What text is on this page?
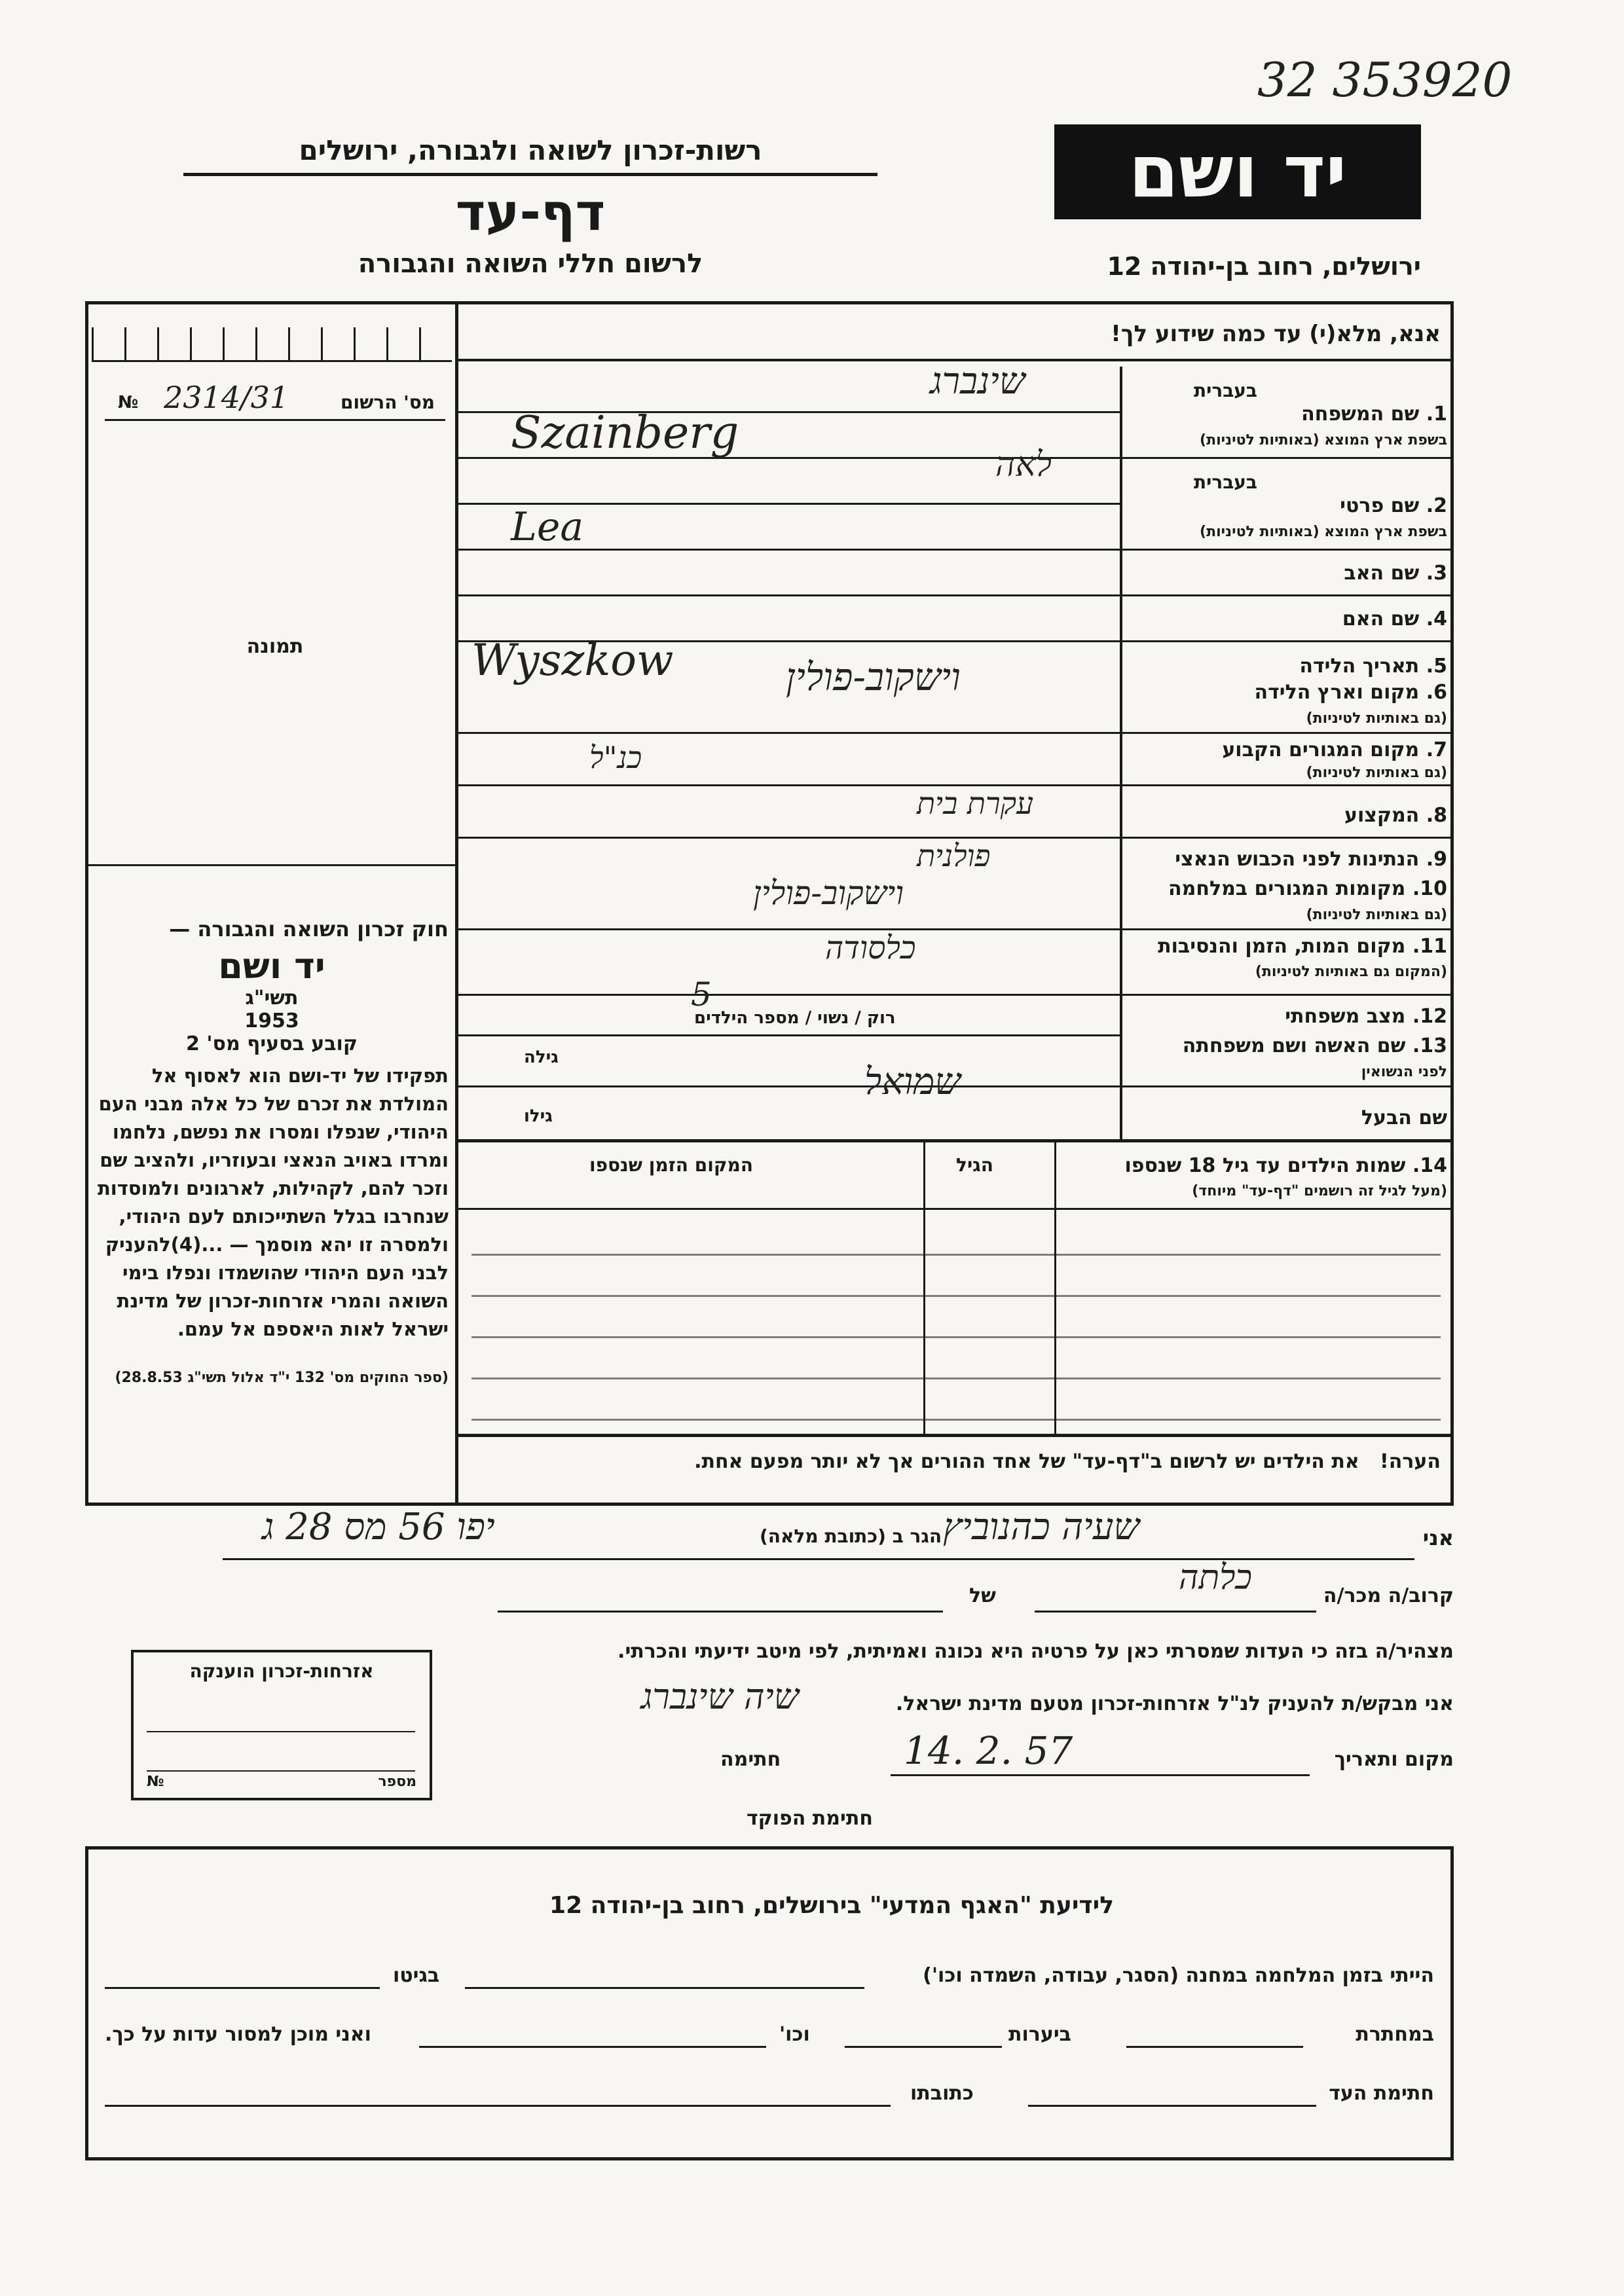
32 353920
רשות-זכרון לשואה ולגבורה, ירושלים	יד ושם
דף-עד
לרשום חללי השואה והגבורה	ירושלים, רחוב בן-יהודה 12
אנא, מלא(י) עד כמה שידוע לך!
№ 2314/31	מס' הרשום
תמונה
חוק זכרון השואה והגבורה —
יד ושם
תשי"ג
1953
קובע בסעיף מס' 2
תפקידו של יד-ושם הוא לאסוף אל המולדת את זכרם של כל אלה מבני העם היהודי, שנפלו ומסרו את נפשם, נלחמו ומרדו באויב הנאצי ובעוזריו, ולהציב שם וזכר להם, לקהילות, לארגונים ולמוסדות שנחרבו בגלל השתייכותם לעם היהודי, ולמסרה זו יהא מוסמך — ...(4)להעניק לבני העם היהודי שהושמדו ונפלו בימי השואה והמרי אזרחות-זכרון של מדינת ישראל לאות היאספם אל עמם.
(ספר החוקים מס' 132 י"ד אלול תשי"ג 28.8.53)
בעברית
1. שם המשפחה
בשפת ארץ המוצא (באותיות לטיניות)
שינברג
Szainberg
בעברית
2. שם פרטי
בשפת ארץ המוצא (באותיות לטיניות)
לאה
Lea
3. שם האב
4. שם האם
5. תאריך הלידה
6. מקום וארץ הלידה
(גם באותיות לטיניות)
Wyszkow	וישקוב-פולין
7. מקום המגורים הקבוע
(גם באותיות לטיניות)
כנ"ל
8. המקצוע
עקרת בית
9. הנתינות לפני הכבוש הנאצי
פולנית
10. מקומות המגורים במלחמה
(גם באותיות לטיניות)
וישקוב-פולין
11. מקום המות, הזמן והנסיבות
(המקום גם באותיות לטיניות)
כלסודה
12. מצב משפחתי
רוק / נשוי / מספר הילדים
5
13. שם האשה ושם משפחתה
לפני הנשואין
גילה
שם הבעל
גילו
שמואל
14. שמות הילדים עד גיל 18 שנספו
(מעל לגיל זה רושמים "דף-עד" מיוחד)
הגיל
המקום הזמן שנספו
הערה!   את הילדים יש לרשום ב"דף-עד" של אחד ההורים אך לא יותר מפעם אחת.
אני
שעיה כהנוביץ
הגר ב (כתובת מלאה)
יפו 56 מס 28 ג
קרוב/ה מכר/ה
כלתה
של
מצהיר/ה בזה כי העדות שמסרתי כאן על פרטיה היא נכונה ואמיתית, לפי מיטב ידיעתי והכרתי.
אני מבקש/ת להעניק לנ"ל אזרחות-זכרון מטעם מדינת ישראל.
שיה שינברג
מקום ותאריך
14. 2. 57
חתימה
חתימת הפוקד
אזרחות-זכרון הוענקה
№	מספר
לידיעת "האגף המדעי" בירושלים, רחוב בן-יהודה 12
הייתי בזמן המלחמה במחנה (הסגר, עבודה, השמדה וכו')
בגיטו
במחתרת
ביערות
וכו'
ואני מוכן למסור עדות על כך.
חתימת העד
כתובתו
